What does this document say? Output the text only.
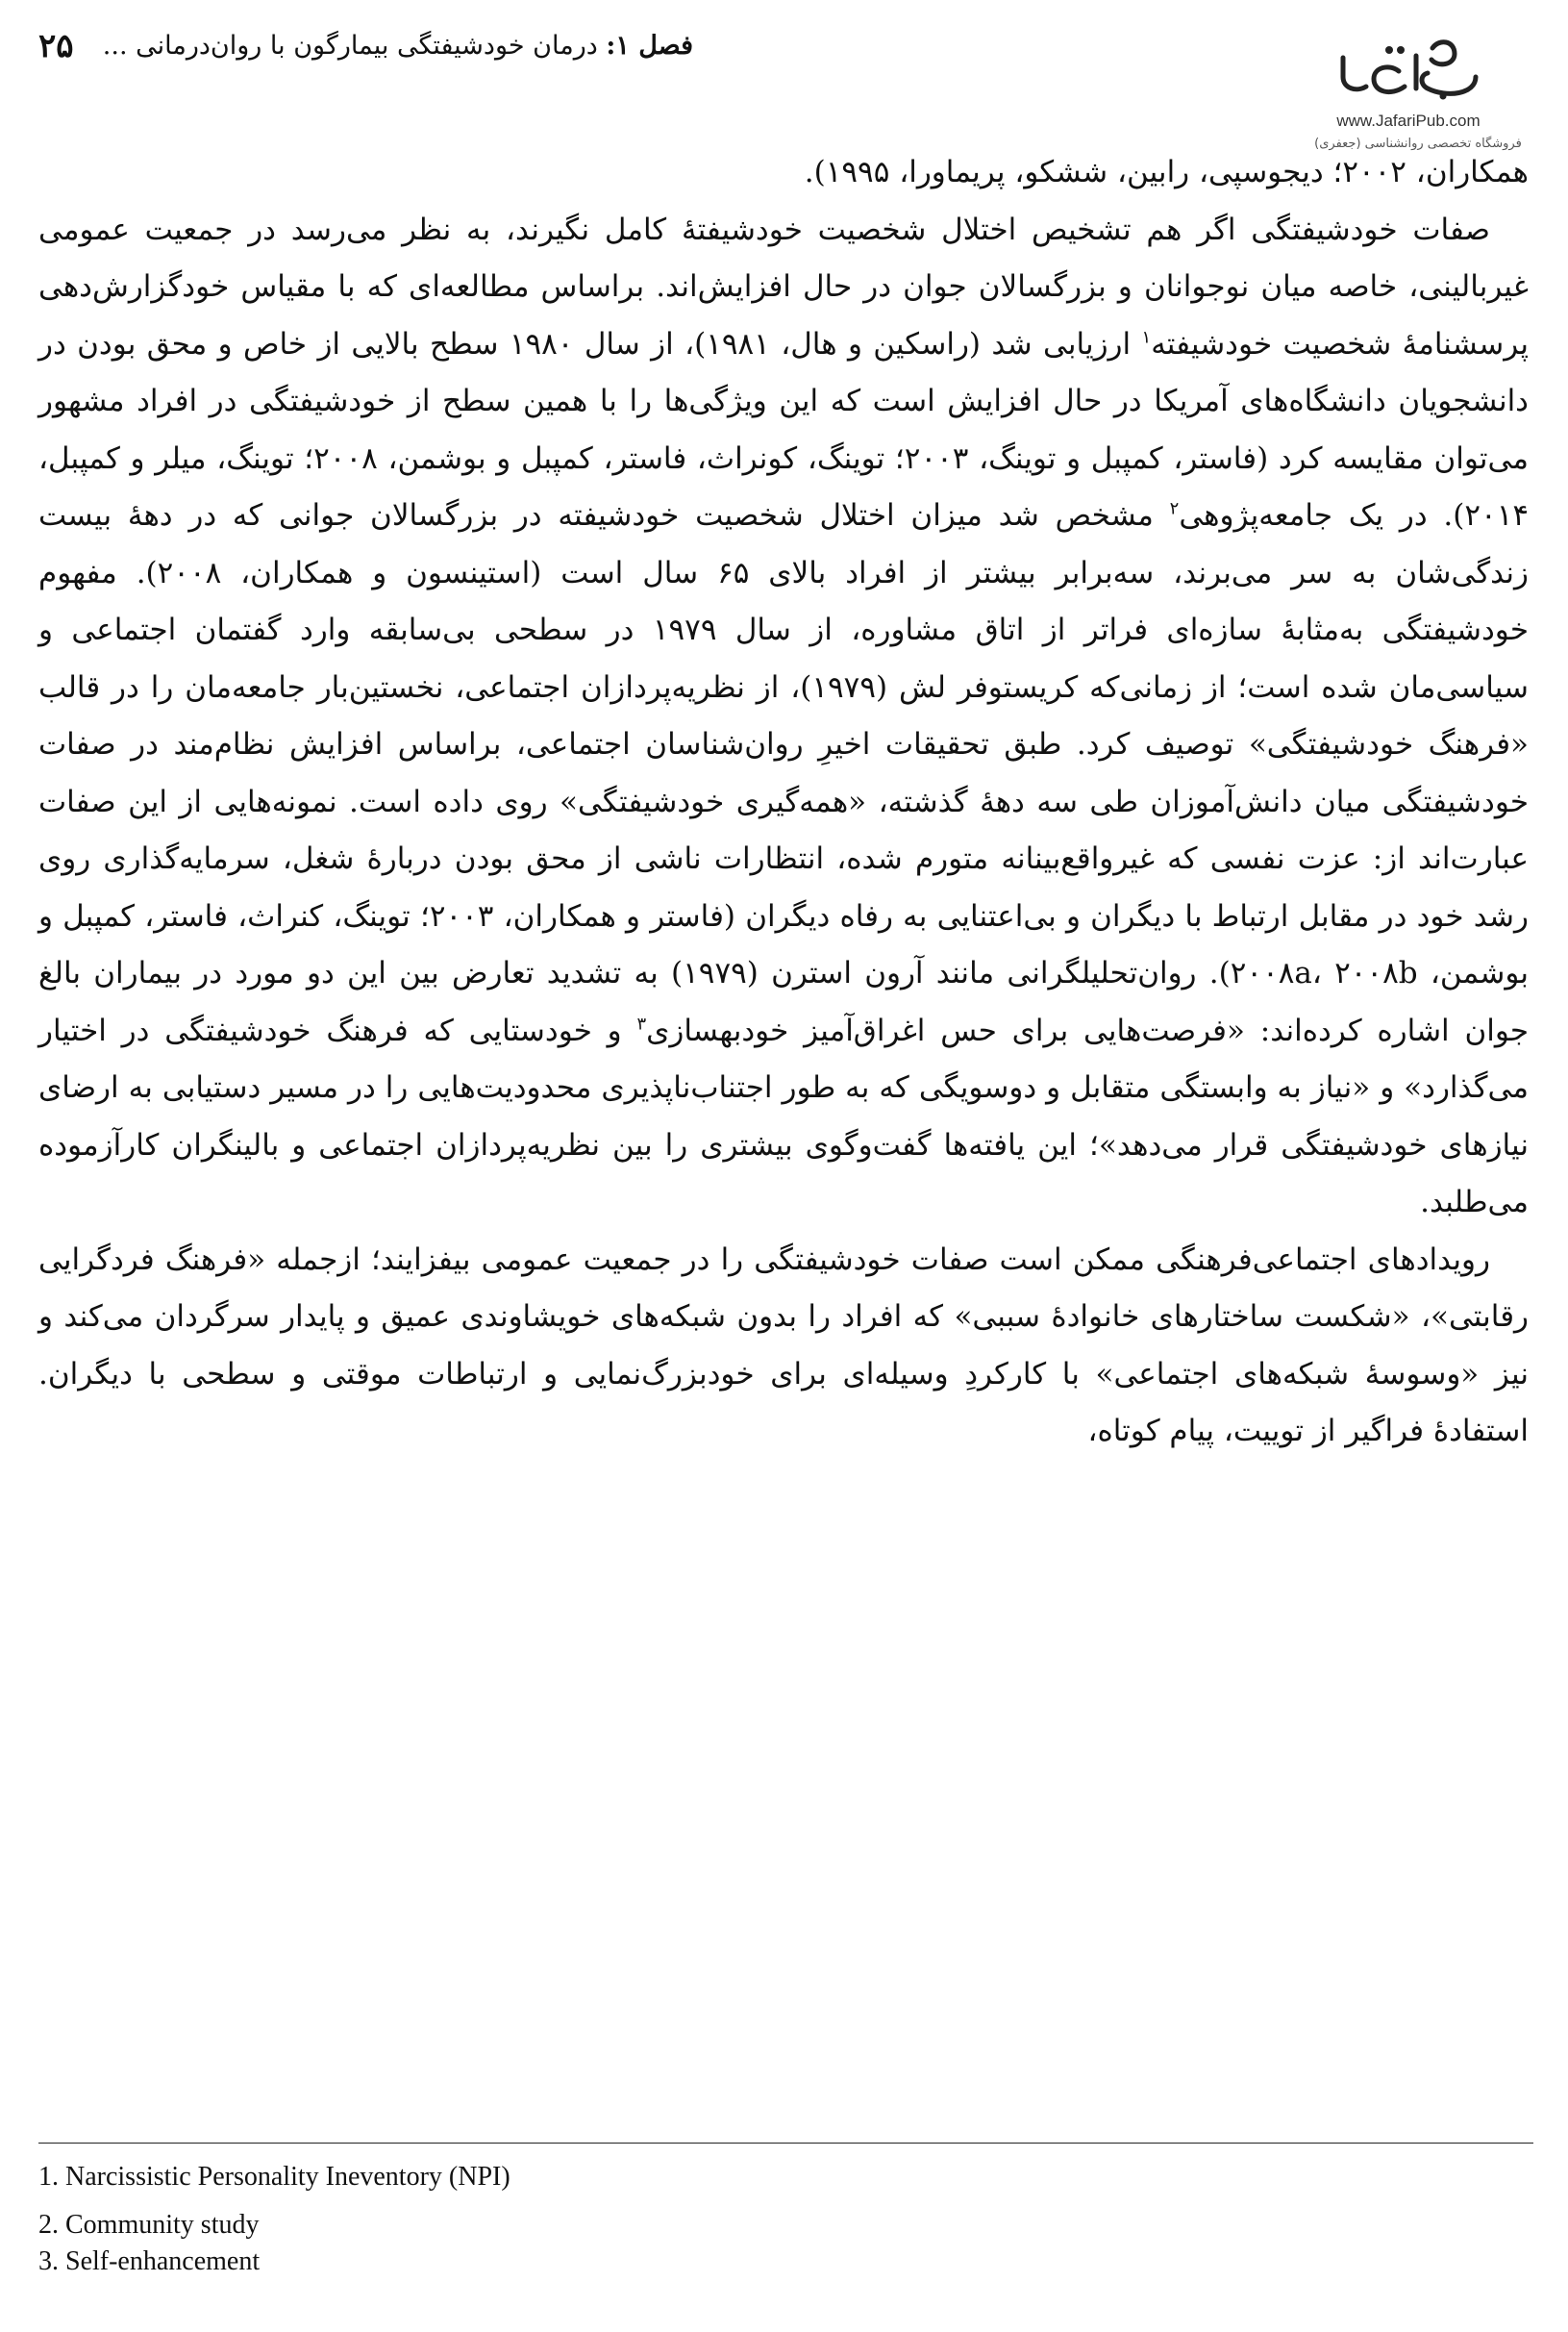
فصل ۱: درمان خودشیفتگی بیمارگون با روان‌درمانی ...
۲۵
www.JafariPub.com
فروشگاه تخصصی روانشناسی (جعفری)

همکاران، ۲۰۰۲؛ دیجوسپی، رابین، ششکو، پریماورا، ۱۹۹۵).

صفات خودشیفتگی اگر هم تشخیص اختلال شخصیت خودشیفتهٔ کامل نگیرند، به نظر می‌رسد در جمعیت عمومی غیربالینی، خاصه میان نوجوانان و بزرگسالان جوان در حال افزایش‌اند. براساس مطالعه‌ای که با مقیاس خودگزارش‌دهی پرسشنامهٔ شخصیت خودشیفته$^۱$ ارزیابی شد (راسکین و هال، ۱۹۸۱)، از سال ۱۹۸۰ سطح بالایی از خاص و محق بودن در دانشجویان دانشگاه‌های آمریکا در حال افزایش است که این ویژگی‌ها را با همین سطح از خودشیفتگی در افراد مشهور می‌توان مقایسه کرد (فاستر، کمپبل و توینگ، ۲۰۰۳؛ توینگ، کونراث، فاستر، کمپبل و بوشمن، ۲۰۰۸؛ توینگ، میلر و کمپبل، ۲۰۱۴). در یک جامعه‌پژوهی$^۲$ مشخص شد میزان اختلال شخصیت خودشیفته در بزرگسالان جوانی که در دههٔ بیست زندگی‌شان به سر می‌برند، سه‌برابر بیشتر از افراد بالای ۶۵ سال است (استینسون و همکاران، ۲۰۰۸). مفهوم خودشیفتگی به‌مثابهٔ سازه‌ای فراتر از اتاق مشاوره، از سال ۱۹۷۹ در سطحی بی‌سابقه وارد گفتمان اجتماعی و سیاسی‌مان شده است؛ از زمانی‌که کریستوفر لش (۱۹۷۹)، از نظریه‌پردازان اجتماعی، نخستین‌بار جامعه‌مان را در قالب «فرهنگ خودشیفتگی» توصیف کرد. طبق تحقیقات اخیرِ روان‌شناسان اجتماعی، براساس افزایش نظام‌مند در صفات خودشیفتگی میان دانش‌آموزان طی سه دههٔ گذشته، «همه‌گیری خودشیفتگی» روی داده است. نمونه‌هایی از این صفات عبارت‌اند از: عزت نفسی که غیرواقع‌بینانه متورم شده، انتظارات ناشی از محق بودن دربارهٔ شغل، سرمایه‌گذاری روی رشد خود در مقابل ارتباط با دیگران و بی‌اعتنایی به رفاه دیگران (فاستر و همکاران، ۲۰۰۳؛ توینگ، کنراث، فاستر، کمپبل و بوشمن، ۲۰۰۸a، ۲۰۰۸b). روان‌تحلیلگرانی مانند آرون استرن (۱۹۷۹) به تشدید تعارض بین این دو مورد در بیماران بالغ جوان اشاره کرده‌اند: «فرصت‌هایی برای حس اغراق‌آمیز خودبهسازی$^۳$ و خودستایی که فرهنگ خودشیفتگی در اختیار می‌گذارد» و «نیاز به وابستگی متقابل و دوسویگی که به طور اجتناب‌ناپذیری محدودیت‌هایی را در مسیر دستیابی به ارضای نیازهای خودشیفتگی قرار می‌دهد»؛ این یافته‌ها گفت‌وگوی بیشتری را بین نظریه‌پردازان اجتماعی و بالینگران کارآزموده می‌طلبد.

رویدادهای اجتماعی‌فرهنگی ممکن است صفات خودشیفتگی را در جمعیت عمومی بیفزایند؛ ازجمله «فرهنگ فردگرایی رقابتی»، «شکست ساختارهای خانوادهٔ سببی» که افراد را بدون شبکه‌های خویشاوندی عمیق و پایدار سرگردان می‌کند و نیز «وسوسهٔ شبکه‌های اجتماعی» با کارکردِ وسیله‌ای برای خودبزرگ‌نمایی و ارتباطات موقتی و سطحی با دیگران. استفادهٔ فراگیر از توییت، پیام کوتاه،

1. Narcissistic Personality Ineventory (NPI)
2. Community study
3. Self-enhancement
